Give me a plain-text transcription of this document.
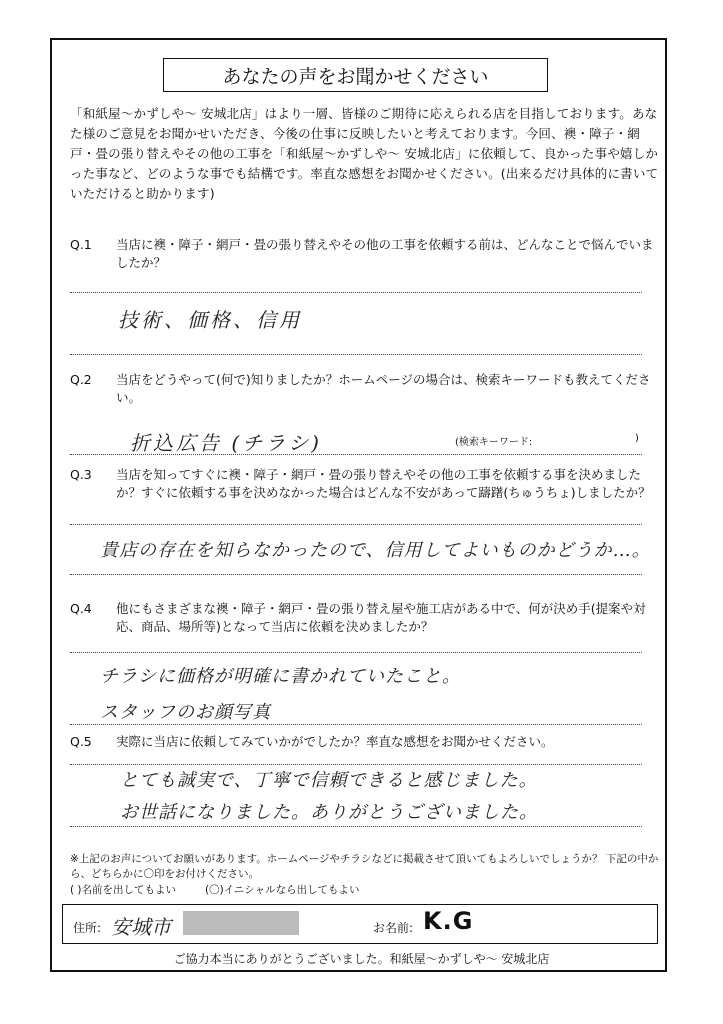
あなたの声をお聞かせください
「和紙屋〜かずしや〜 安城北店」はより一層、皆様のご期待に応えられる店を目指しております。あなた様のご意見をお聞かせいただき、今後の仕事に反映したいと考えております。今回、襖・障子・網戸・畳の張り替えやその他の工事を「和紙屋〜かずしや〜 安城北店」に依頼して、良かった事や嬉しかった事など、どのような事でも結構です。率直な感想をお聞かせください。(出来るだけ具体的に書いていただけると助かります)
Q.1	当店に襖・障子・網戸・畳の張り替えやその他の工事を依頼する前は、どんなことで悩んでいましたか？
技術、価格、信用
Q.2	当店をどうやって(何で)知りましたか？ホームページの場合は、検索キーワードも教えてください。
折込広告 (チラシ)	(検索キーワード:	)
Q.3	当店を知ってすぐに襖・障子・網戸・畳の張り替えやその他の工事を依頼する事を決めましたか？すぐに依頼する事を決めなかった場合はどんな不安があって躊躇(ちゅうちょ)しましたか？
貴店の存在を知らなかったので、信用してよいものかどうか…。
Q.4	他にもさまざまな襖・障子・網戸・畳の張り替え屋や施工店がある中で、何が決め手(提案や対応、商品、場所等)となって当店に依頼を決めましたか？
チラシに価格が明確に書かれていたこと。
スタッフのお顔写真
Q.5	実際に当店に依頼してみていかがでしたか？率直な感想をお聞かせください。
とても誠実で、丁寧で信頼できると感じました。
お世話になりました。ありがとうございました。
※上記のお声についてお願いがあります。ホームページやチラシなどに掲載させて頂いてもよろしいでしょうか？ 下記の中から、どちらかに〇印をお付けください。
( )名前を出してもよい	(〇)イニシャルなら出してもよい
住所: 安城市	お名前: K.G
ご協力本当にありがとうございました。和紙屋〜かずしや〜 安城北店
